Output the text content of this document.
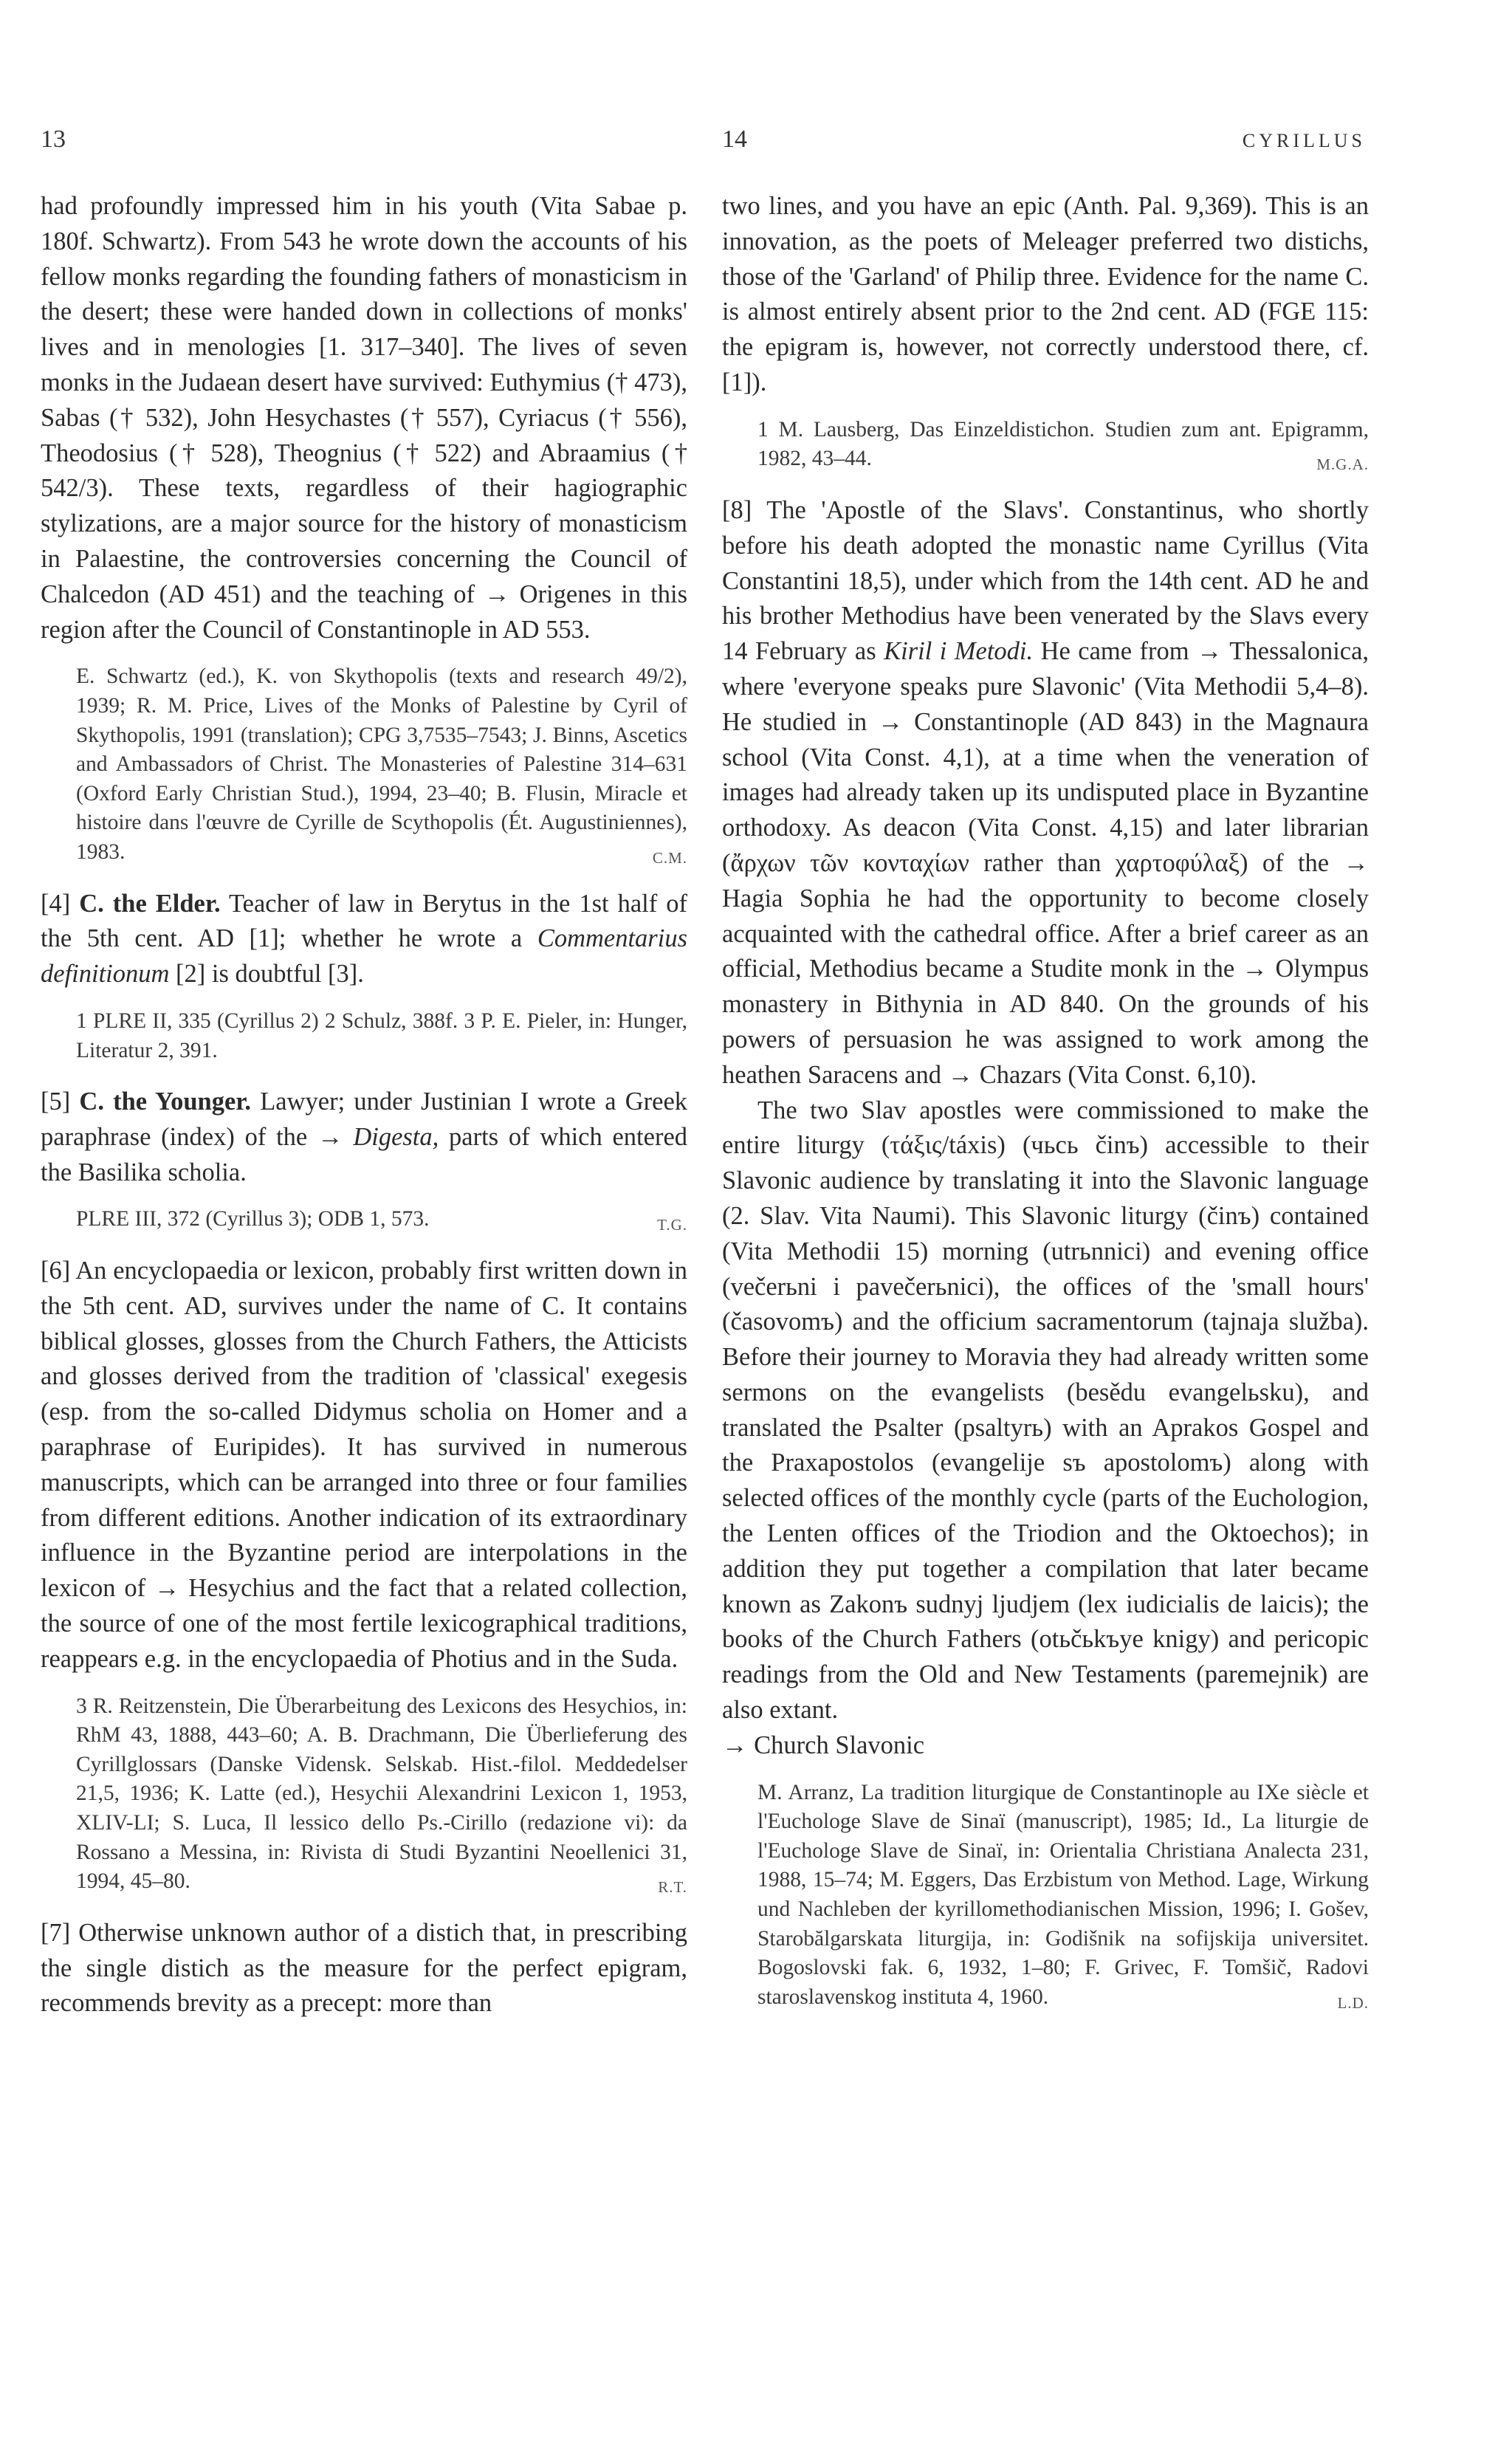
13	14	CYRILLUS

had profoundly impressed him in his youth (Vita Sabae p. 180f. Schwartz). From 543 he wrote down the accounts of his fellow monks regarding the founding fathers of monasticism in the desert; these were handed down in collections of monks' lives and in menologies [1. 317–340]. The lives of seven monks in the Judaean desert have survived: Euthymius († 473), Sabas († 532), John Hesychastes († 557), Cyriacus († 556), Theodosius († 528), Theognius († 522) and Abraamius († 542/3). These texts, regardless of their hagiographic stylizations, are a major source for the history of monasticism in Palaestine, the controversies concerning the Council of Chalcedon (AD 451) and the teaching of → Origenes in this region after the Council of Constantinople in AD 553.

E. Schwartz (ed.), K. von Skythopolis (texts and research 49/2), 1939; R. M. Price, Lives of the Monks of Palestine by Cyril of Skythopolis, 1991 (translation); CPG 3,7535–7543; J. Binns, Ascetics and Ambassadors of Christ. The Monasteries of Palestine 314–631 (Oxford Early Christian Stud.), 1994, 23–40; B. Flusin, Miracle et histoire dans l'œuvre de Cyrille de Scythopolis (Ét. Augustiniennes), 1983.	C.M.

[4] C. the Elder. Teacher of law in Berytus in the 1st half of the 5th cent. AD [1]; whether he wrote a Commentarius definitionum [2] is doubtful [3].

1 PLRE II, 335 (Cyrillus 2) 2 Schulz, 388f. 3 P. E. Pieler, in: Hunger, Literatur 2, 391.

[5] C. the Younger. Lawyer; under Justinian I wrote a Greek paraphrase (index) of the → Digesta, parts of which entered the Basilika scholia.

PLRE III, 372 (Cyrillus 3); ODB 1, 573.	T.G.

[6] An encyclopaedia or lexicon, probably first written down in the 5th cent. AD, survives under the name of C. It contains biblical glosses, glosses from the Church Fathers, the Atticists and glosses derived from the tradition of 'classical' exegesis (esp. from the so-called Didymus scholia on Homer and a paraphrase of Euripides). It has survived in numerous manuscripts, which can be arranged into three or four families from different editions. Another indication of its extraordinary influence in the Byzantine period are interpolations in the lexicon of → Hesychius and the fact that a related collection, the source of one of the most fertile lexicographical traditions, reappears e.g. in the encyclopaedia of Photius and in the Suda.

3 R. Reitzenstein, Die Überarbeitung des Lexicons des Hesychios, in: RhM 43, 1888, 443–60; A. B. Drachmann, Die Überlieferung des Cyrillglossars (Danske Vidensk. Selskab. Hist.-filol. Meddedelser 21,5, 1936; K. Latte (ed.), Hesychii Alexandrini Lexicon 1, 1953, XLIV-LI; S. Luca, Il lessico dello Ps.-Cirillo (redazione vi): da Rossano a Messina, in: Rivista di Studi Byzantini Neoellenici 31, 1994, 45–80.	R.T.

[7] Otherwise unknown author of a distich that, in prescribing the single distich as the measure for the perfect epigram, recommends brevity as a precept: more than

two lines, and you have an epic (Anth. Pal. 9,369). This is an innovation, as the poets of Meleager preferred two distichs, those of the 'Garland' of Philip three. Evidence for the name C. is almost entirely absent prior to the 2nd cent. AD (FGE 115: the epigram is, however, not correctly understood there, cf. [1]).

1 M. Lausberg, Das Einzeldistichon. Studien zum ant. Epigramm, 1982, 43–44.	M.G.A.

[8] The 'Apostle of the Slavs'. Constantinus, who shortly before his death adopted the monastic name Cyrillus (Vita Constantini 18,5), under which from the 14th cent. AD he and his brother Methodius have been venerated by the Slavs every 14 February as Kiril i Metodi. He came from → Thessalonica, where 'everyone speaks pure Slavonic' (Vita Methodii 5,4–8). He studied in → Constantinople (AD 843) in the Magnaura school (Vita Const. 4,1), at a time when the veneration of images had already taken up its undisputed place in Byzantine orthodoxy. As deacon (Vita Const. 4,15) and later librarian (ἄρχων τῶν κονταχίων rather than χαρτοφύλαξ) of the → Hagia Sophia he had the opportunity to become closely acquainted with the cathedral office. After a brief career as an official, Methodius became a Studite monk in the → Olympus monastery in Bithynia in AD 840. On the grounds of his powers of persuasion he was assigned to work among the heathen Saracens and → Chazars (Vita Const. 6,10).

The two Slav apostles were commissioned to make the entire liturgy (τάξις/táxis) (чьсь činъ) accessible to their Slavonic audience by translating it into the Slavonic language (2. Slav. Vita Naumi). This Slavonic liturgy (činъ) contained (Vita Methodii 15) morning (utrьnnici) and evening office (večerьni i pavečerьnici), the offices of the 'small hours' (časovomъ) and the officium sacramentorum (tajnaja služba). Before their journey to Moravia they had already written some sermons on the evangelists (besědu evangelьsku), and translated the Psalter (psaltyrь) with an Aprakos Gospel and the Praxapostolos (evangelije sъ apostolomъ) along with selected offices of the monthly cycle (parts of the Euchologion, the Lenten offices of the Triodion and the Oktoechos); in addition they put together a compilation that later became known as Zakonъ sudnyj ljudjem (lex iudicialis de laicis); the books of the Church Fathers (otьčьkъye knigy) and pericopic readings from the Old and New Testaments (paremejnik) are also extant.

→ Church Slavonic

M. Arranz, La tradition liturgique de Constantinople au IXe siècle et l'Euchologe Slave de Sinaï (manuscript), 1985; Id., La liturgie de l'Euchologe Slave de Sinaï, in: Orientalia Christiana Analecta 231, 1988, 15–74; M. Eggers, Das Erzbistum von Method. Lage, Wirkung und Nachleben der kyrillomethodianischen Mission, 1996; I. Gošev, Starobălgarskata liturgija, in: Godišnik na sofijskija universitet. Bogoslovski fak. 6, 1932, 1–80; F. Grivec, F. Tomšič, Radovi staroslavenskog instituta 4, 1960.	L.D.
